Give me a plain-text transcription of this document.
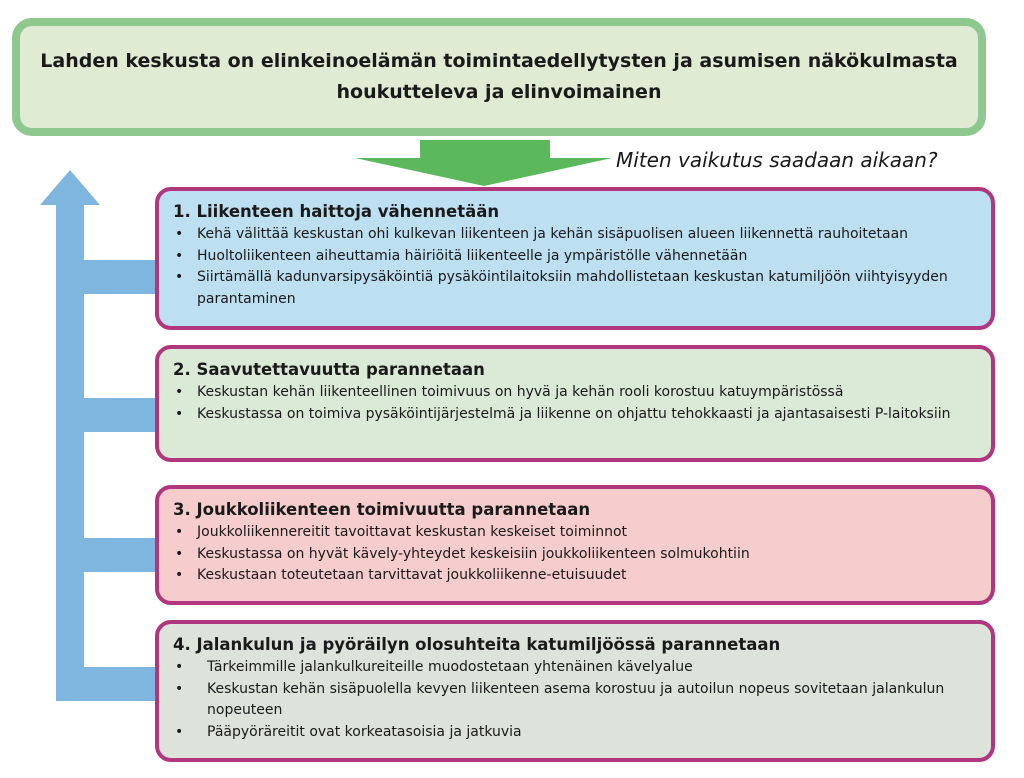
Lahden keskusta on elinkeinoelämän toimintaedellytysten ja asumisen näkökulmasta houkutteleva ja elinvoimainen
Miten vaikutus saadaan aikaan?
1. Liikenteen haittoja vähennetään
• Kehä välittää keskustan ohi kulkevan liikenteen ja kehän sisäpuolisen alueen liikennettä rauhoitetaan
• Huoltoliikenteen aiheuttamia häiriöitä liikenteelle ja ympäristölle vähennetään
• Siirtämällä kadunvarsipysäköintiä pysäköintilaitoksiin mahdollistetaan keskustan katumiljöön viihtyisyyden parantaminen
2. Saavutettavuutta parannetaan
• Keskustan kehän liikenteellinen toimivuus on hyvä ja kehän rooli korostuu katuympäristössä
• Keskustassa on toimiva pysäköintijärjestelmä ja liikenne on ohjattu tehokkaasti ja ajantasaisesti P-laitoksiin
3. Joukkoliikenteen toimivuutta parannetaan
• Joukkoliikennereitit tavoittavat keskustan keskeiset toiminnot
• Keskustassa on hyvät kävely-yhteydet keskeisiin joukkoliikenteen solmukohtiin
• Keskustaan toteutetaan tarvittavat joukkoliikenne-etuisuudet
4. Jalankulun ja pyöräilyn olosuhteita katumiljöössä parannetaan
• Tärkeimmille jalankulkureiteille muodostetaan yhtenäinen kävelyalue
• Keskustan kehän sisäpuolella kevyen liikenteen asema korostuu ja autoilun nopeus sovitetaan jalankulun nopeuteen
• Pääpyöräreitit ovat korkeatasoisia ja jatkuvia
